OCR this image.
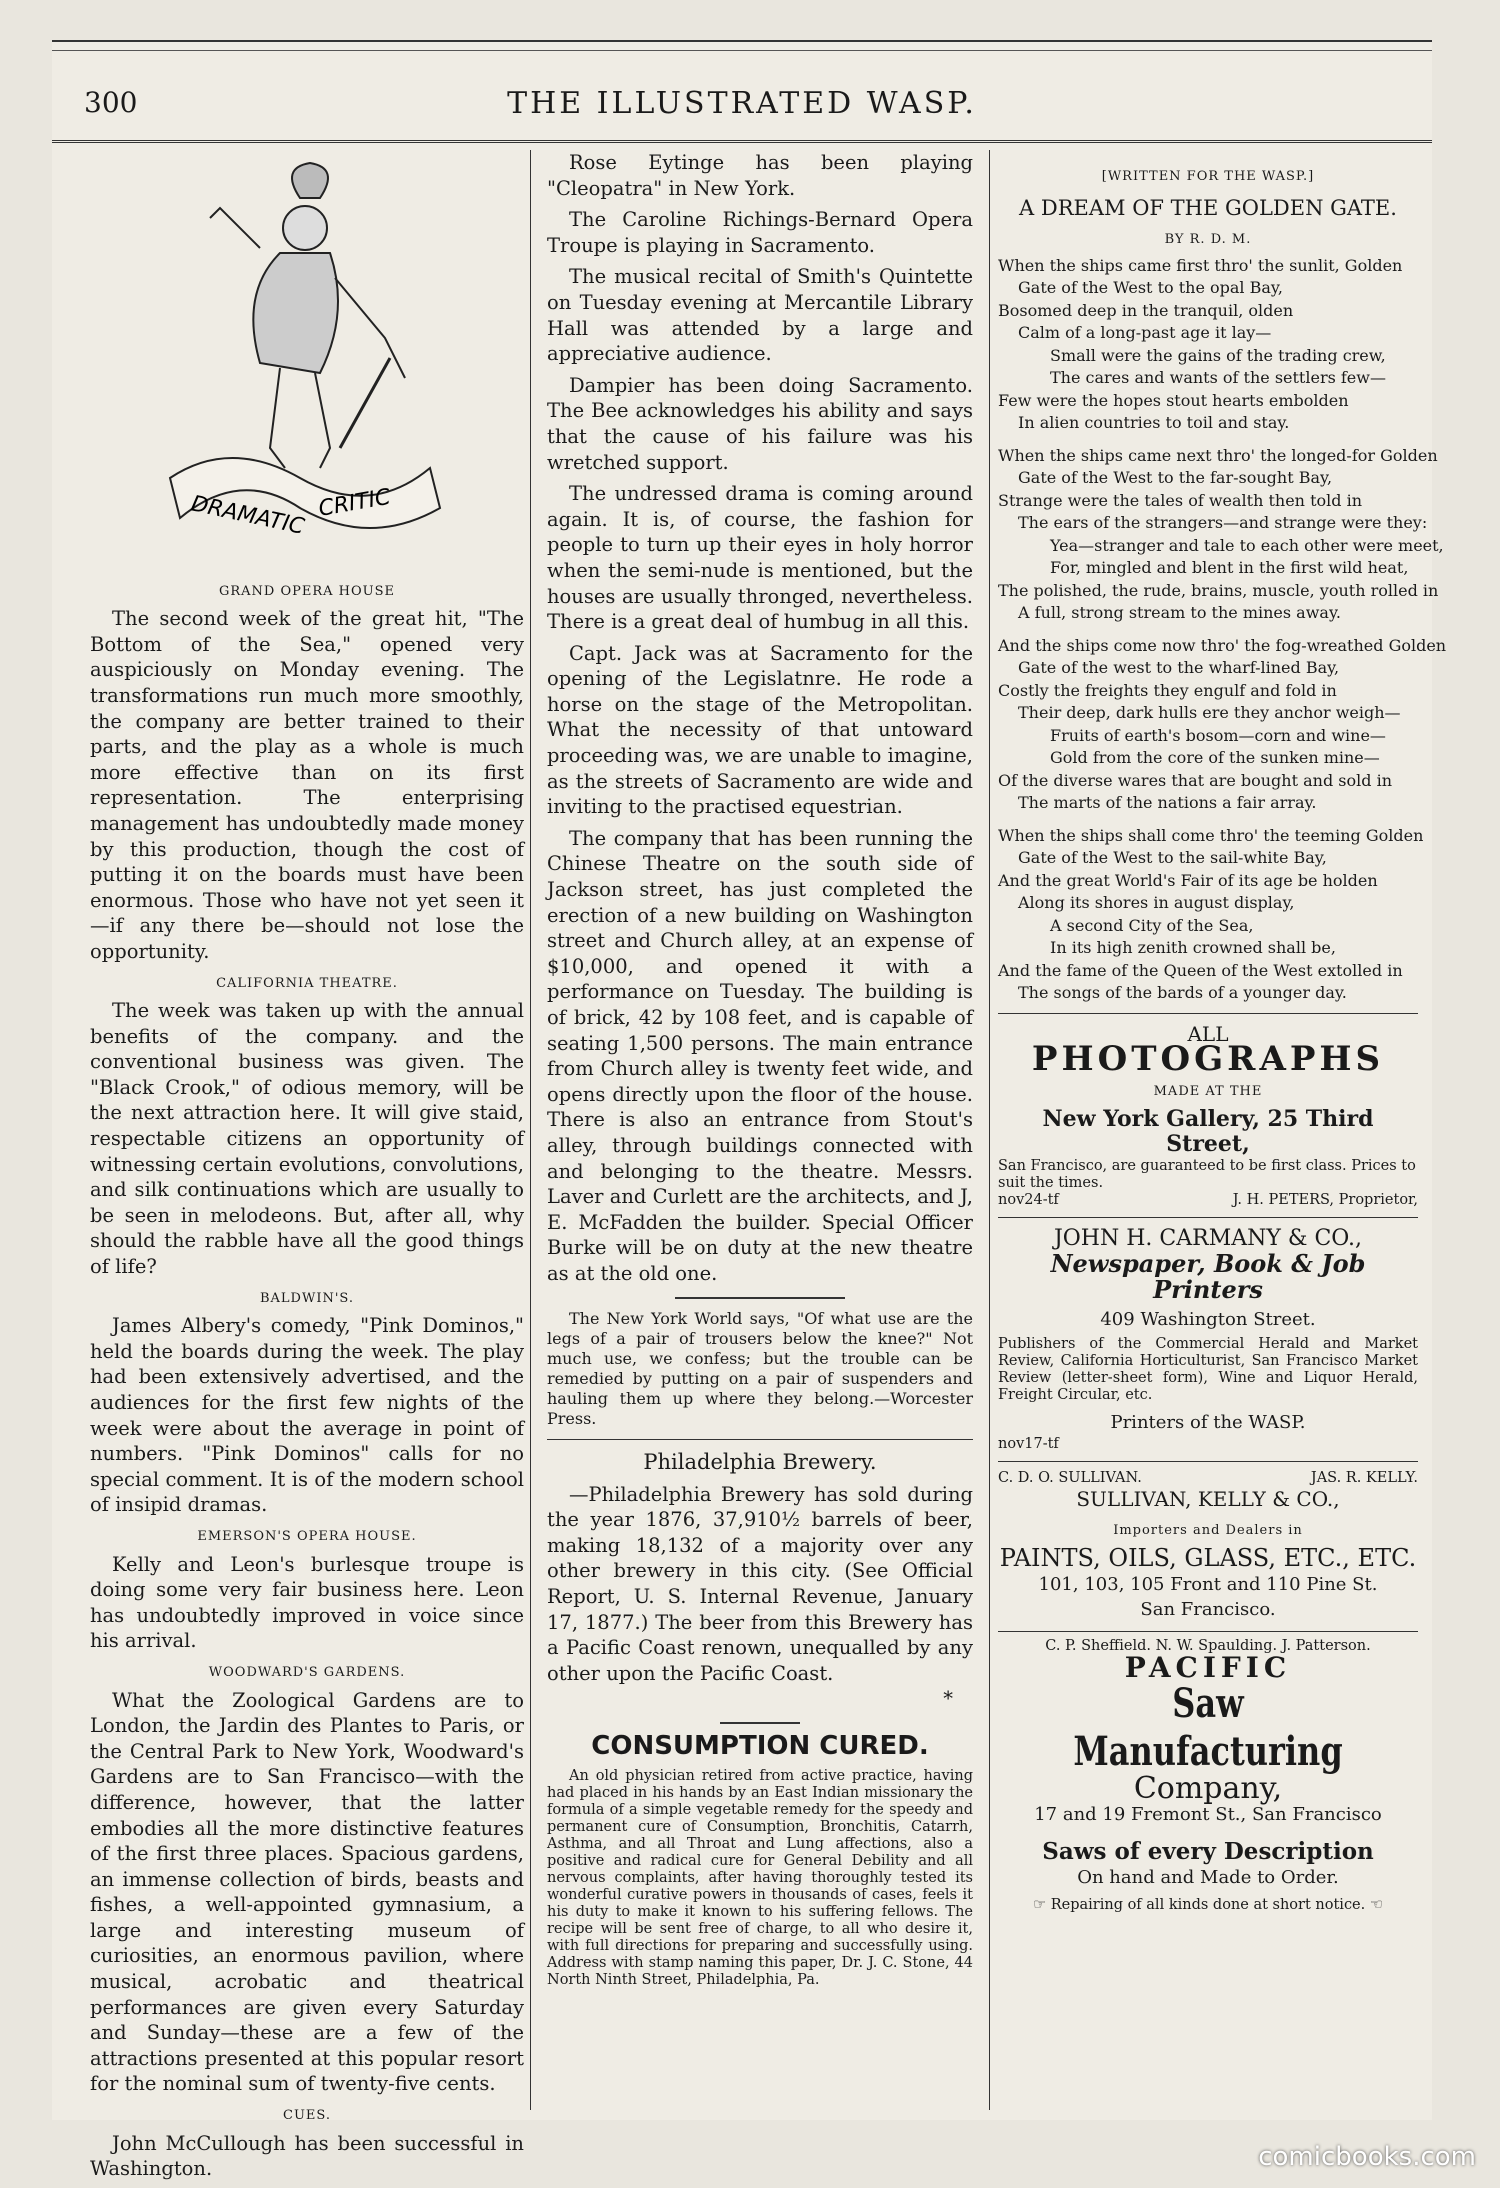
THE ILLUSTRATED WASP.
300
DRAMATIC CRITIC

GRAND OPERA HOUSE

The second week of the great hit, "The Bottom of the Sea," opened very auspiciously on Monday evening. The transformations run much more smoothly, the company are better trained to their parts, and the play as a whole is much more effective than on its first representation. The enterprising management has undoubtedly made money by this production, though the cost of putting it on the boards must have been enormous. Those who have not yet seen it—if any there be—should not lose the opportunity.

CALIFORNIA THEATRE.

The week was taken up with the annual benefits of the company. and the conventional business was given. The "Black Crook," of odious memory, will be the next attraction here. It will give staid, respectable citizens an opportunity of witnessing certain evolutions, convolutions, and silk continuations which are usually to be seen in melodeons. But, after all, why should the rabble have all the good things of life?

BALDWIN'S.

James Albery's comedy, "Pink Dominos," held the boards during the week. The play had been extensively advertised, and the audiences for the first few nights of the week were about the average in point of numbers. "Pink Dominos" calls for no special comment. It is of the modern school of insipid dramas.

EMERSON'S OPERA HOUSE.

Kelly and Leon's burlesque troupe is doing some very fair business here. Leon has undoubtedly improved in voice since his arrival.

WOODWARD'S GARDENS.

What the Zoological Gardens are to London, the Jardin des Plantes to Paris, or the Central Park to New York, Woodward's Gardens are to San Francisco—with the difference, however, that the latter embodies all the more distinctive features of the first three places. Spacious gardens, an immense collection of birds, beasts and fishes, a well-appointed gymnasium, a large and interesting museum of curiosities, an enormous pavilion, where musical, acrobatic and theatrical performances are given every Saturday and Sunday—these are a few of the attractions presented at this popular resort for the nominal sum of twenty-five cents.

CUES.

John McCullough has been successful in Washington.

Rose Eytinge has been playing "Cleopatra" in New York.

The Caroline Richings-Bernard Opera Troupe is playing in Sacramento.

The musical recital of Smith's Quintette on Tuesday evening at Mercantile Library Hall was attended by a large and appreciative audience.

Dampier has been doing Sacramento. The Bee acknowledges his ability and says that the cause of his failure was his wretched support.

The undressed drama is coming around again. It is, of course, the fashion for people to turn up their eyes in holy horror when the semi-nude is mentioned, but the houses are usually thronged, nevertheless. There is a great deal of humbug in all this.

Capt. Jack was at Sacramento for the opening of the Legislatnre. He rode a horse on the stage of the Metropolitan. What the necessity of that untoward proceeding was, we are unable to imagine, as the streets of Sacramento are wide and inviting to the practised equestrian.

The company that has been running the Chinese Theatre on the south side of Jackson street, has just completed the erection of a new building on Washington street and Church alley, at an expense of $10,000, and opened it with a performance on Tuesday. The building is of brick, 42 by 108 feet, and is capable of seating 1,500 persons. The main entrance from Church alley is twenty feet wide, and opens directly upon the floor of the house. There is also an entrance from Stout's alley, through buildings connected with and belonging to the theatre. Messrs. Laver and Curlett are the architects, and J, E. McFadden the builder. Special Officer Burke will be on duty at the new theatre as at the old one.

The New York World says, "Of what use are the legs of a pair of trousers below the knee?" Not much use, we confess; but the trouble can be remedied by putting on a pair of suspenders and hauling them up where they belong.—Worcester Press.

Philadelphia Brewery.

—Philadelphia Brewery has sold during the year 1876, 37,910½ barrels of beer, making 18,132 of a majority over any other brewery in this city. (See Official Report, U. S. Internal Revenue, January 17, 1877.) The beer from this Brewery has a Pacific Coast renown, unequalled by any other upon the Pacific Coast.

*

CONSUMPTION CURED.

An old physician retired from active practice, having had placed in his hands by an East Indian missionary the formula of a simple vegetable remedy for the speedy and permanent cure of Consumption, Bronchitis, Catarrh, Asthma, and all Throat and Lung affections, also a positive and radical cure for General Debility and all nervous complaints, after having thoroughly tested its wonderful curative powers in thousands of cases, feels it his duty to make it known to his suffering fellows. The recipe will be sent free of charge, to all who desire it, with full directions for preparing and successfully using. Address with stamp naming this paper, Dr. J. C. Stone, 44 North Ninth Street, Philadelphia, Pa.

[WRITTEN FOR THE WASP.]

A DREAM OF THE GOLDEN GATE.

BY R. D. M.

When the ships came first thro' the sunlit, Golden
Gate of the West to the opal Bay,
Bosomed deep in the tranquil, olden
Calm of a long-past age it lay—
Small were the gains of the trading crew,
The cares and wants of the settlers few—
Few were the hopes stout hearts embolden
In alien countries to toil and stay.
When the ships came next thro' the longed-for Golden
Gate of the West to the far-sought Bay,
Strange were the tales of wealth then told in
The ears of the strangers—and strange were they:
Yea—stranger and tale to each other were meet,
For, mingled and blent in the first wild heat,
The polished, the rude, brains, muscle, youth rolled in
A full, strong stream to the mines away.
And the ships come now thro' the fog-wreathed Golden
Gate of the west to the wharf-lined Bay,
Costly the freights they engulf and fold in
Their deep, dark hulls ere they anchor weigh—
Fruits of earth's bosom—corn and wine—
Gold from the core of the sunken mine—
Of the diverse wares that are bought and sold in
The marts of the nations a fair array.
When the ships shall come thro' the teeming Golden
Gate of the West to the sail-white Bay,
And the great World's Fair of its age be holden
Along its shores in august display,
A second City of the Sea,
In its high zenith crowned shall be,
And the fame of the Queen of the West extolled in
The songs of the bards of a younger day.
ALL
PHOTOGRAPHS
MADE AT THE
New York Gallery, 25 Third Street,
San Francisco, are guaranteed to be first class. Prices to suit the times.
nov24-tf	J. H. PETERS, Proprietor,
JOHN H. CARMANY & CO.,
Newspaper, Book & Job Printers
409 Washington Street.
Publishers of the Commercial Herald and Market Review, California Horticulturist, San Francisco Market Review (letter-sheet form), Wine and Liquor Herald, Freight Circular, etc.
Printers of the WASP.
nov17-tf
C. D. O. SULLIVAN.	JAS. R. KELLY.
SULLIVAN, KELLY & CO.,
Importers and Dealers in
PAINTS, OILS, GLASS, ETC., ETC.
101, 103, 105 Front and 110 Pine St.
San Francisco.
C. P. Sheffield. N. W. Spaulding. J. Patterson.
PACIFIC
Saw Manufacturing
Company,
17 and 19 Fremont St., San Francisco
Saws of every Description
On hand and Made to Order.
☞ Repairing of all kinds done at short notice. ☜
comicbooks.com
